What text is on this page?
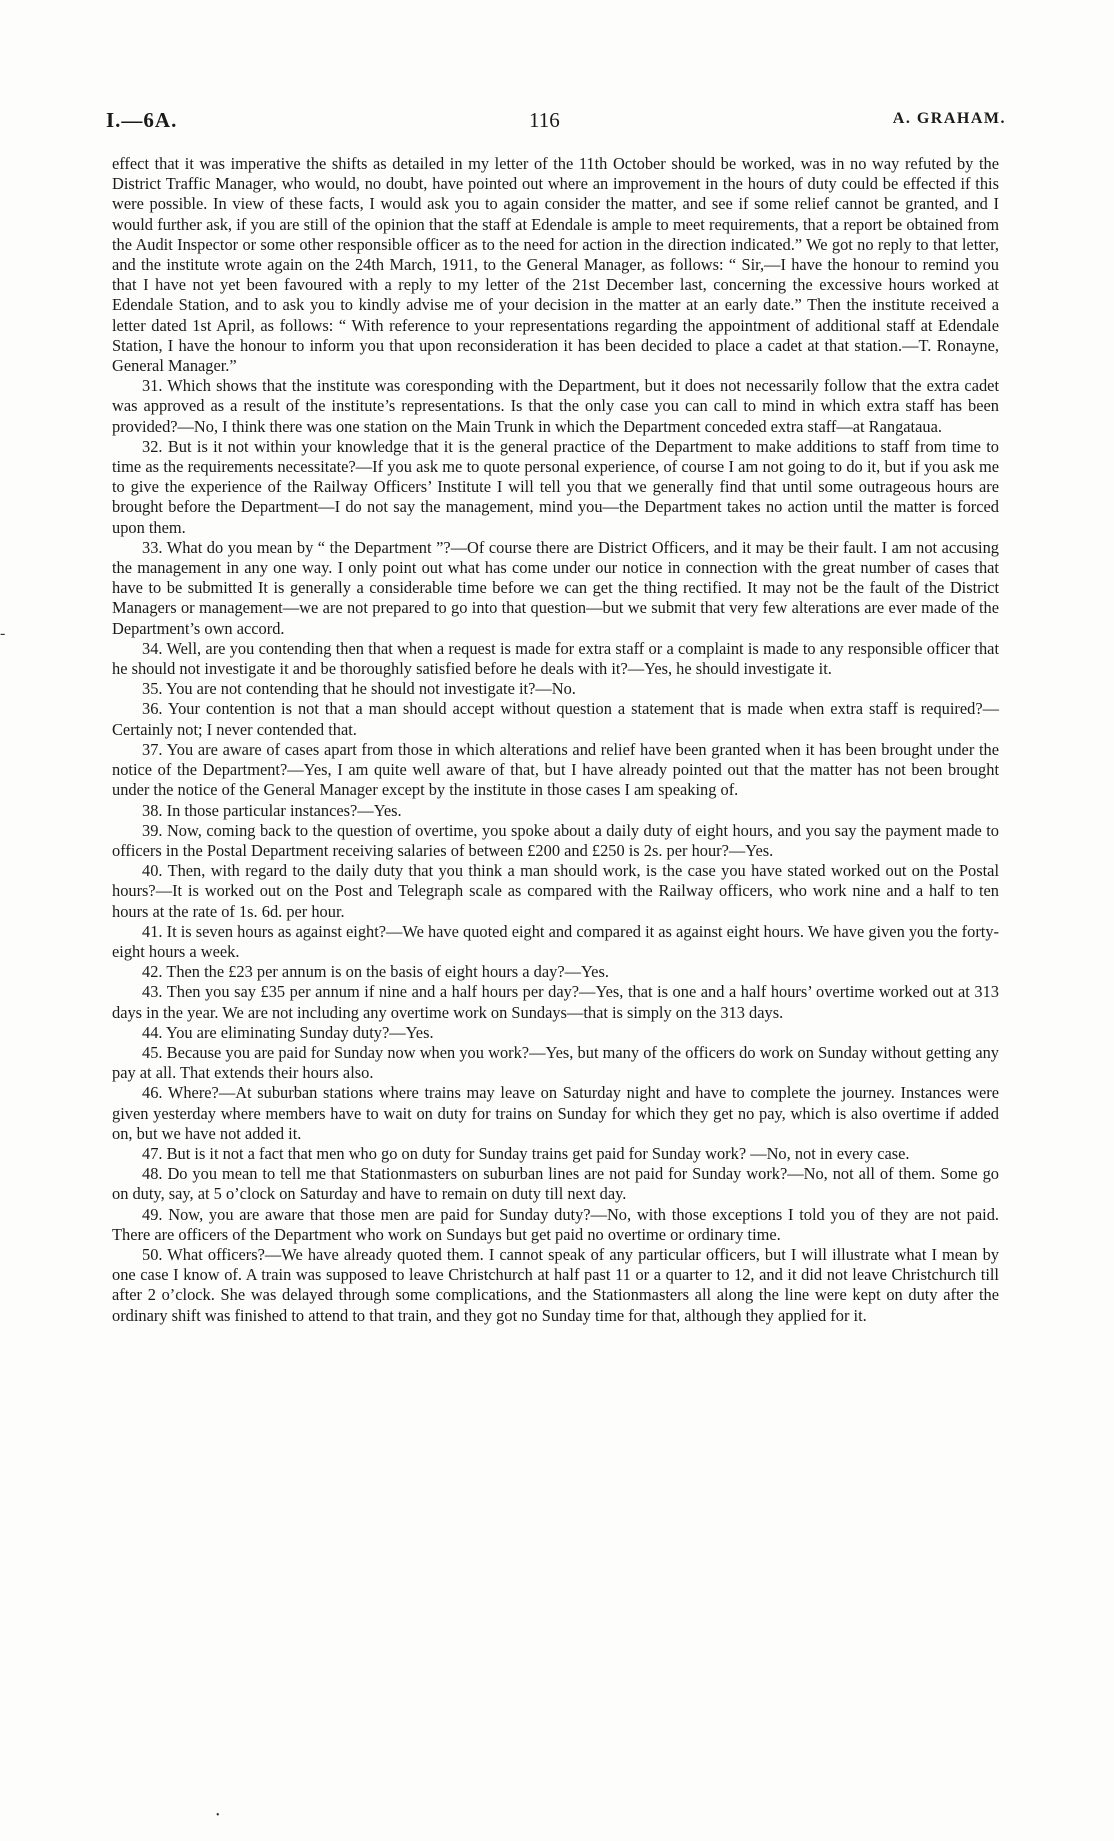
I.—6A.	116	A. GRAHAM.

effect that it was imperative the shifts as detailed in my letter of the 11th October should be worked, was in no way refuted by the District Traffic Manager, who would, no doubt, have pointed out where an improvement in the hours of duty could be effected if this were possible. In view of these facts, I would ask you to again consider the matter, and see if some relief cannot be granted, and I would further ask, if you are still of the opinion that the staff at Edendale is ample to meet requirements, that a report be obtained from the Audit Inspector or some other responsible officer as to the need for action in the direction indicated.” We got no reply to that letter, and the institute wrote again on the 24th March, 1911, to the General Manager, as follows: “ Sir,—I have the honour to remind you that I have not yet been favoured with a reply to my letter of the 21st December last, concerning the excessive hours worked at Edendale Station, and to ask you to kindly advise me of your decision in the matter at an early date.” Then the institute received a letter dated 1st April, as follows: “ With reference to your representations regarding the appointment of additional staff at Edendale Station, I have the honour to inform you that upon reconsideration it has been decided to place a cadet at that station.—T. Ronayne, General Manager.”

31. Which shows that the institute was coresponding with the Department, but it does not necessarily follow that the extra cadet was approved as a result of the institute’s representations. Is that the only case you can call to mind in which extra staff has been provided?—No, I think there was one station on the Main Trunk in which the Department conceded extra staff—at Rangataua.

32. But is it not within your knowledge that it is the general practice of the Department to make additions to staff from time to time as the requirements necessitate?—If you ask me to quote personal experience, of course I am not going to do it, but if you ask me to give the experience of the Railway Officers’ Institute I will tell you that we generally find that until some outrageous hours are brought before the Department—I do not say the management, mind you—the Department takes no action until the matter is forced upon them.

33. What do you mean by “ the Department ”?—Of course there are District Officers, and it may be their fault. I am not accusing the management in any one way. I only point out what has come under our notice in connection with the great number of cases that have to be submitted It is generally a considerable time before we can get the thing rectified. It may not be the fault of the District Managers or management—we are not prepared to go into that question—but we submit that very few alterations are ever made of the Department’s own accord.

34. Well, are you contending then that when a request is made for extra staff or a complaint is made to any responsible officer that he should not investigate it and be thoroughly satisfied before he deals with it?—Yes, he should investigate it.

35. You are not contending that he should not investigate it?—No.

36. Your contention is not that a man should accept without question a statement that is made when extra staff is required?—Certainly not; I never contended that.

37. You are aware of cases apart from those in which alterations and relief have been granted when it has been brought under the notice of the Department?—Yes, I am quite well aware of that, but I have already pointed out that the matter has not been brought under the notice of the General Manager except by the institute in those cases I am speaking of.

38. In those particular instances?—Yes.

39. Now, coming back to the question of overtime, you spoke about a daily duty of eight hours, and you say the payment made to officers in the Postal Department receiving salaries of between £200 and £250 is 2s. per hour?—Yes.

40. Then, with regard to the daily duty that you think a man should work, is the case you have stated worked out on the Postal hours?—It is worked out on the Post and Telegraph scale as compared with the Railway officers, who work nine and a half to ten hours at the rate of 1s. 6d. per hour.

41. It is seven hours as against eight?—We have quoted eight and compared it as against eight hours. We have given you the forty-eight hours a week.

42. Then the £23 per annum is on the basis of eight hours a day?—Yes.

43. Then you say £35 per annum if nine and a half hours per day?—Yes, that is one and a half hours’ overtime worked out at 313 days in the year. We are not including any overtime work on Sundays—that is simply on the 313 days.

44. You are eliminating Sunday duty?—Yes.

45. Because you are paid for Sunday now when you work?—Yes, but many of the officers do work on Sunday without getting any pay at all. That extends their hours also.

46. Where?—At suburban stations where trains may leave on Saturday night and have to complete the journey. Instances were given yesterday where members have to wait on duty for trains on Sunday for which they get no pay, which is also overtime if added on, but we have not added it.

47. But is it not a fact that men who go on duty for Sunday trains get paid for Sunday work? —No, not in every case.

48. Do you mean to tell me that Stationmasters on suburban lines are not paid for Sunday work?—No, not all of them. Some go on duty, say, at 5 o’clock on Saturday and have to remain on duty till next day.

49. Now, you are aware that those men are paid for Sunday duty?—No, with those exceptions I told you of they are not paid. There are officers of the Department who work on Sundays but get paid no overtime or ordinary time.

50. What officers?—We have already quoted them. I cannot speak of any particular officers, but I will illustrate what I mean by one case I know of. A train was supposed to leave Christchurch at half past 11 or a quarter to 12, and it did not leave Christchurch till after 2 o’clock. She was delayed through some complications, and the Stationmasters all along the line were kept on duty after the ordinary shift was finished to attend to that train, and they got no Sunday time for that, although they applied for it.

-
•
